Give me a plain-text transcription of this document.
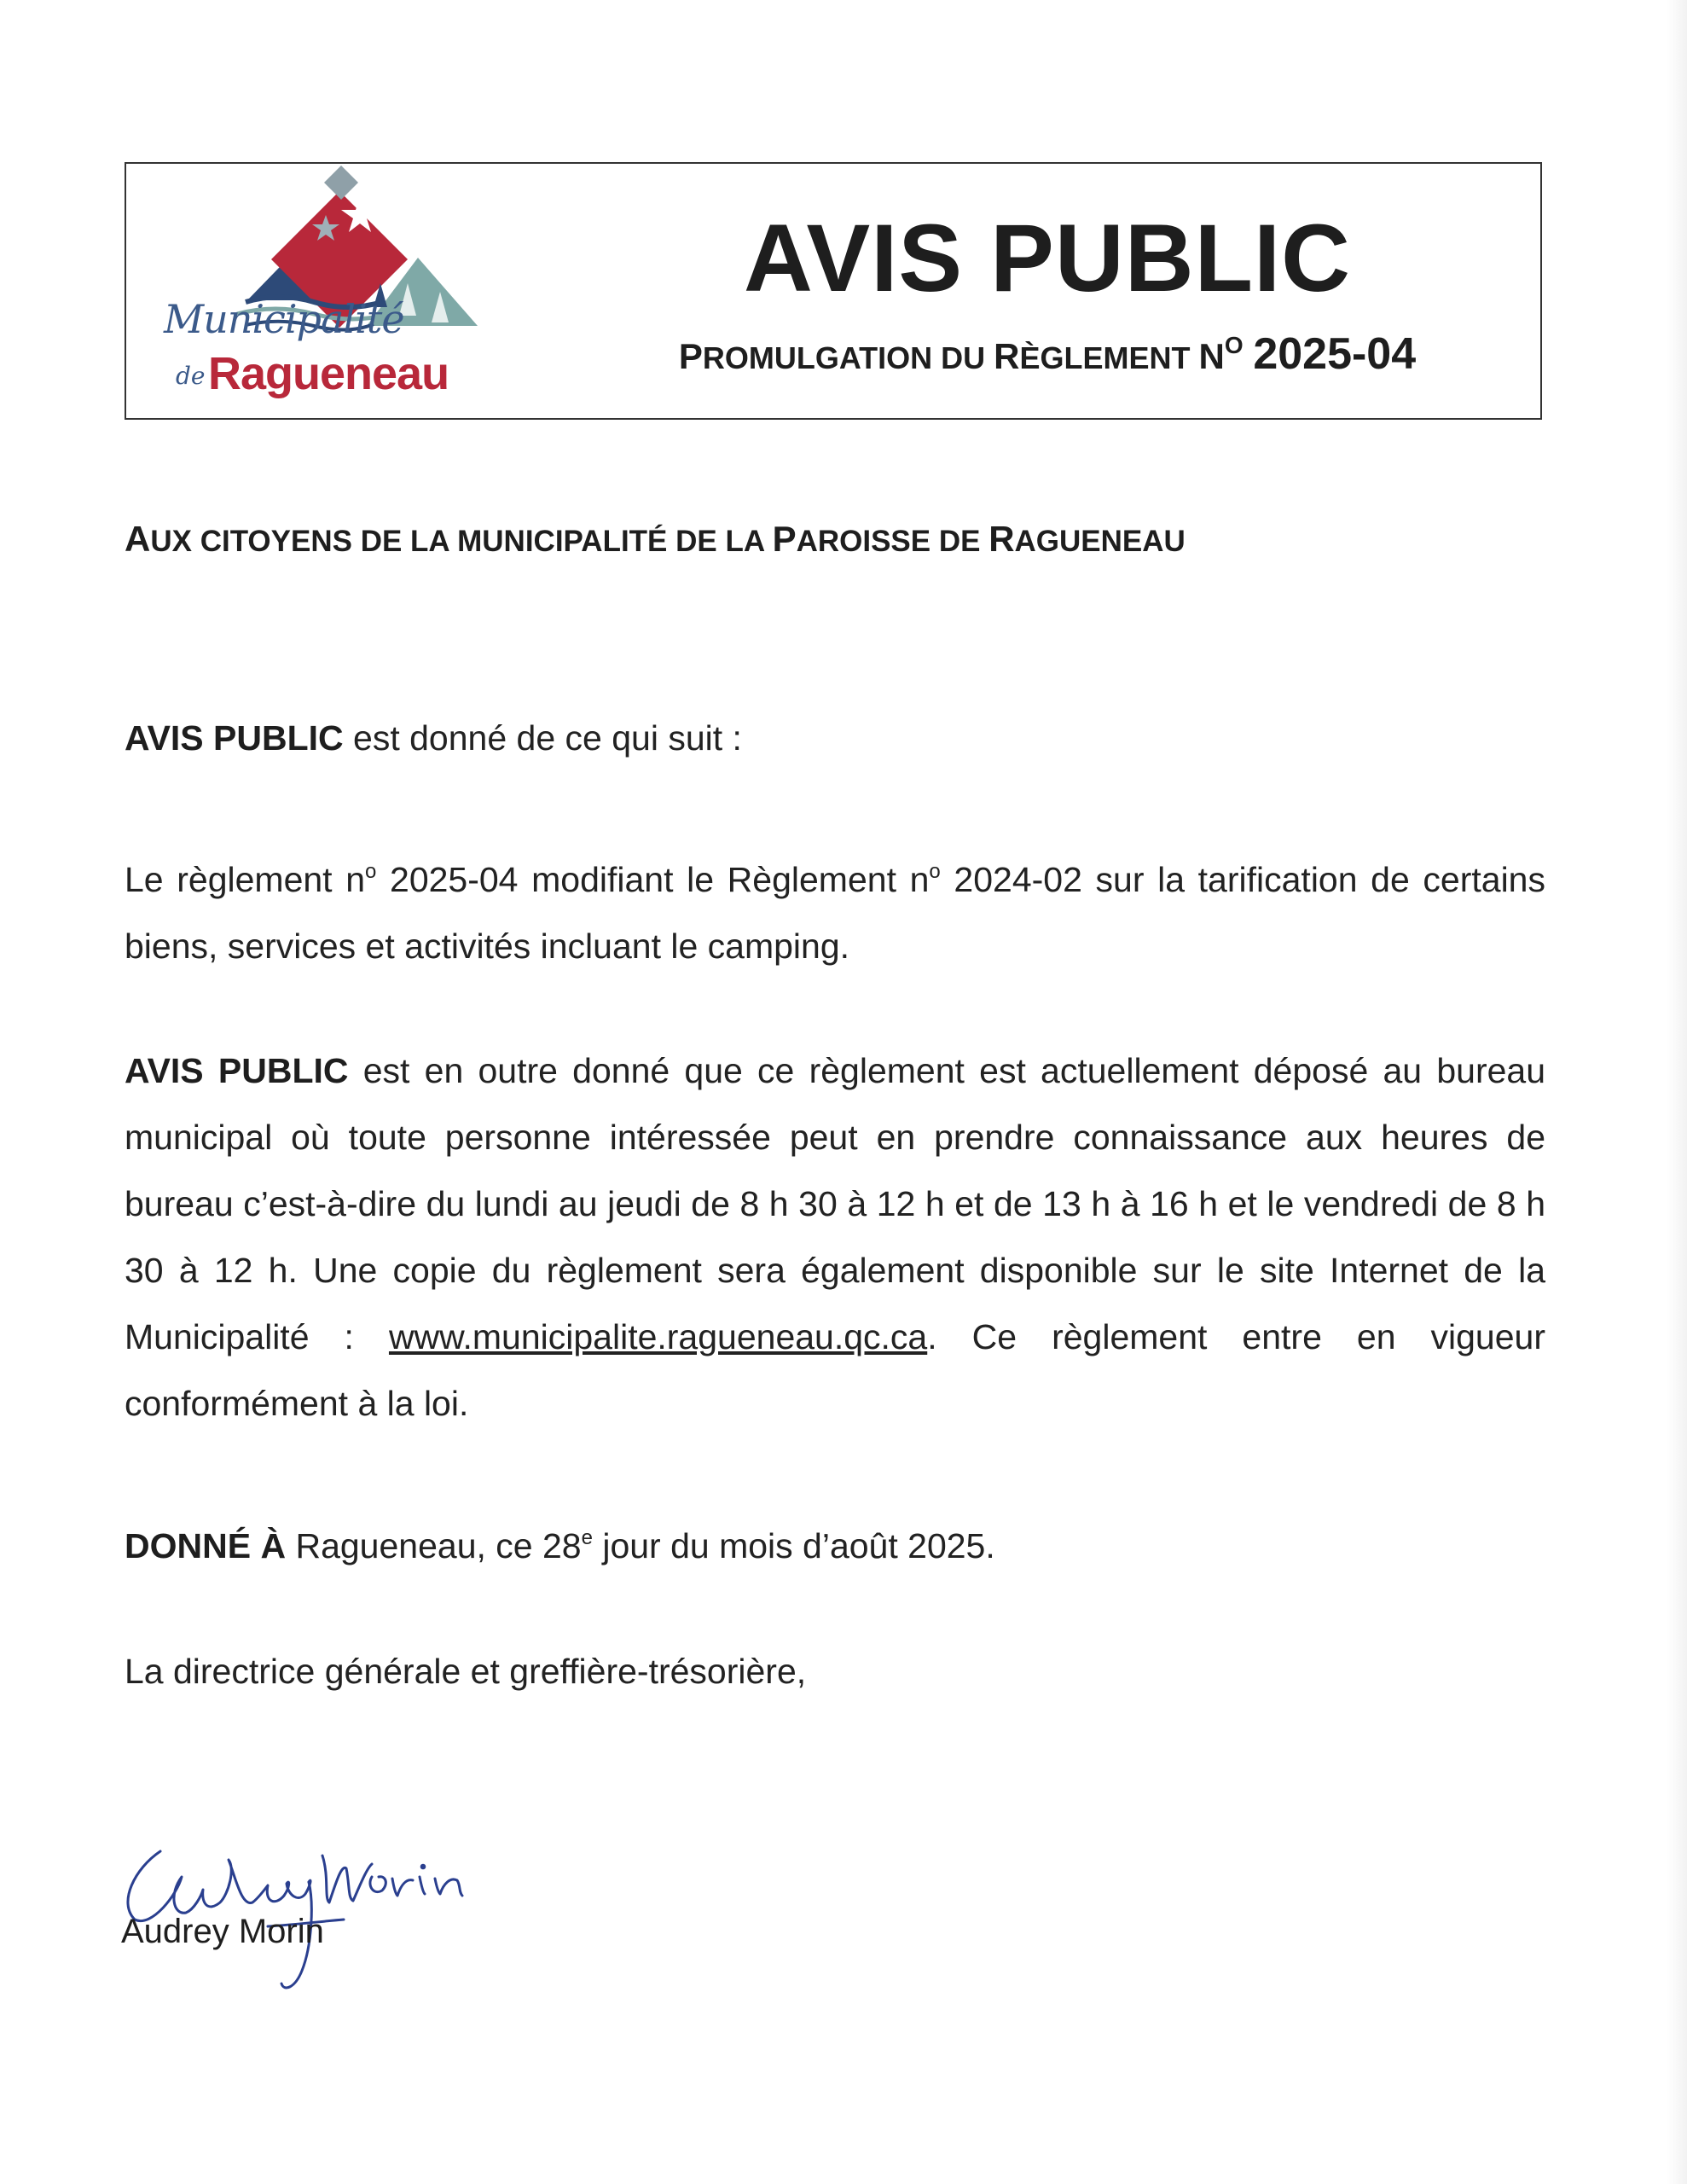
Municipalité
de Ragueneau
AVIS PUBLIC
PROMULGATION DU RÈGLEMENT $N^O$ 2025-04
AUX CITOYENS DE LA MUNICIPALITÉ DE LA PAROISSE DE RAGUENEAU
AVIS PUBLIC est donné de ce qui suit :
Le règlement $n^o$ 2025-04 modifiant le Règlement $n^o$ 2024-02 sur la tarification de certains biens, services et activités incluant le camping.
AVIS PUBLIC est en outre donné que ce règlement est actuellement déposé au bureau municipal où toute personne intéressée peut en prendre connaissance aux heures de bureau c’est-à-dire du lundi au jeudi de 8 h 30 à 12 h et de 13 h à 16 h et le vendredi de 8 h 30 à 12 h. Une copie du règlement sera également disponible sur le site Internet de la Municipalité : www.municipalite.ragueneau.qc.ca. Ce règlement entre en vigueur conformément à la loi.
DONNÉ À Ragueneau, ce 28e jour du mois d’août 2025.
La directrice générale et greffière-trésorière,
Audrey Morin
